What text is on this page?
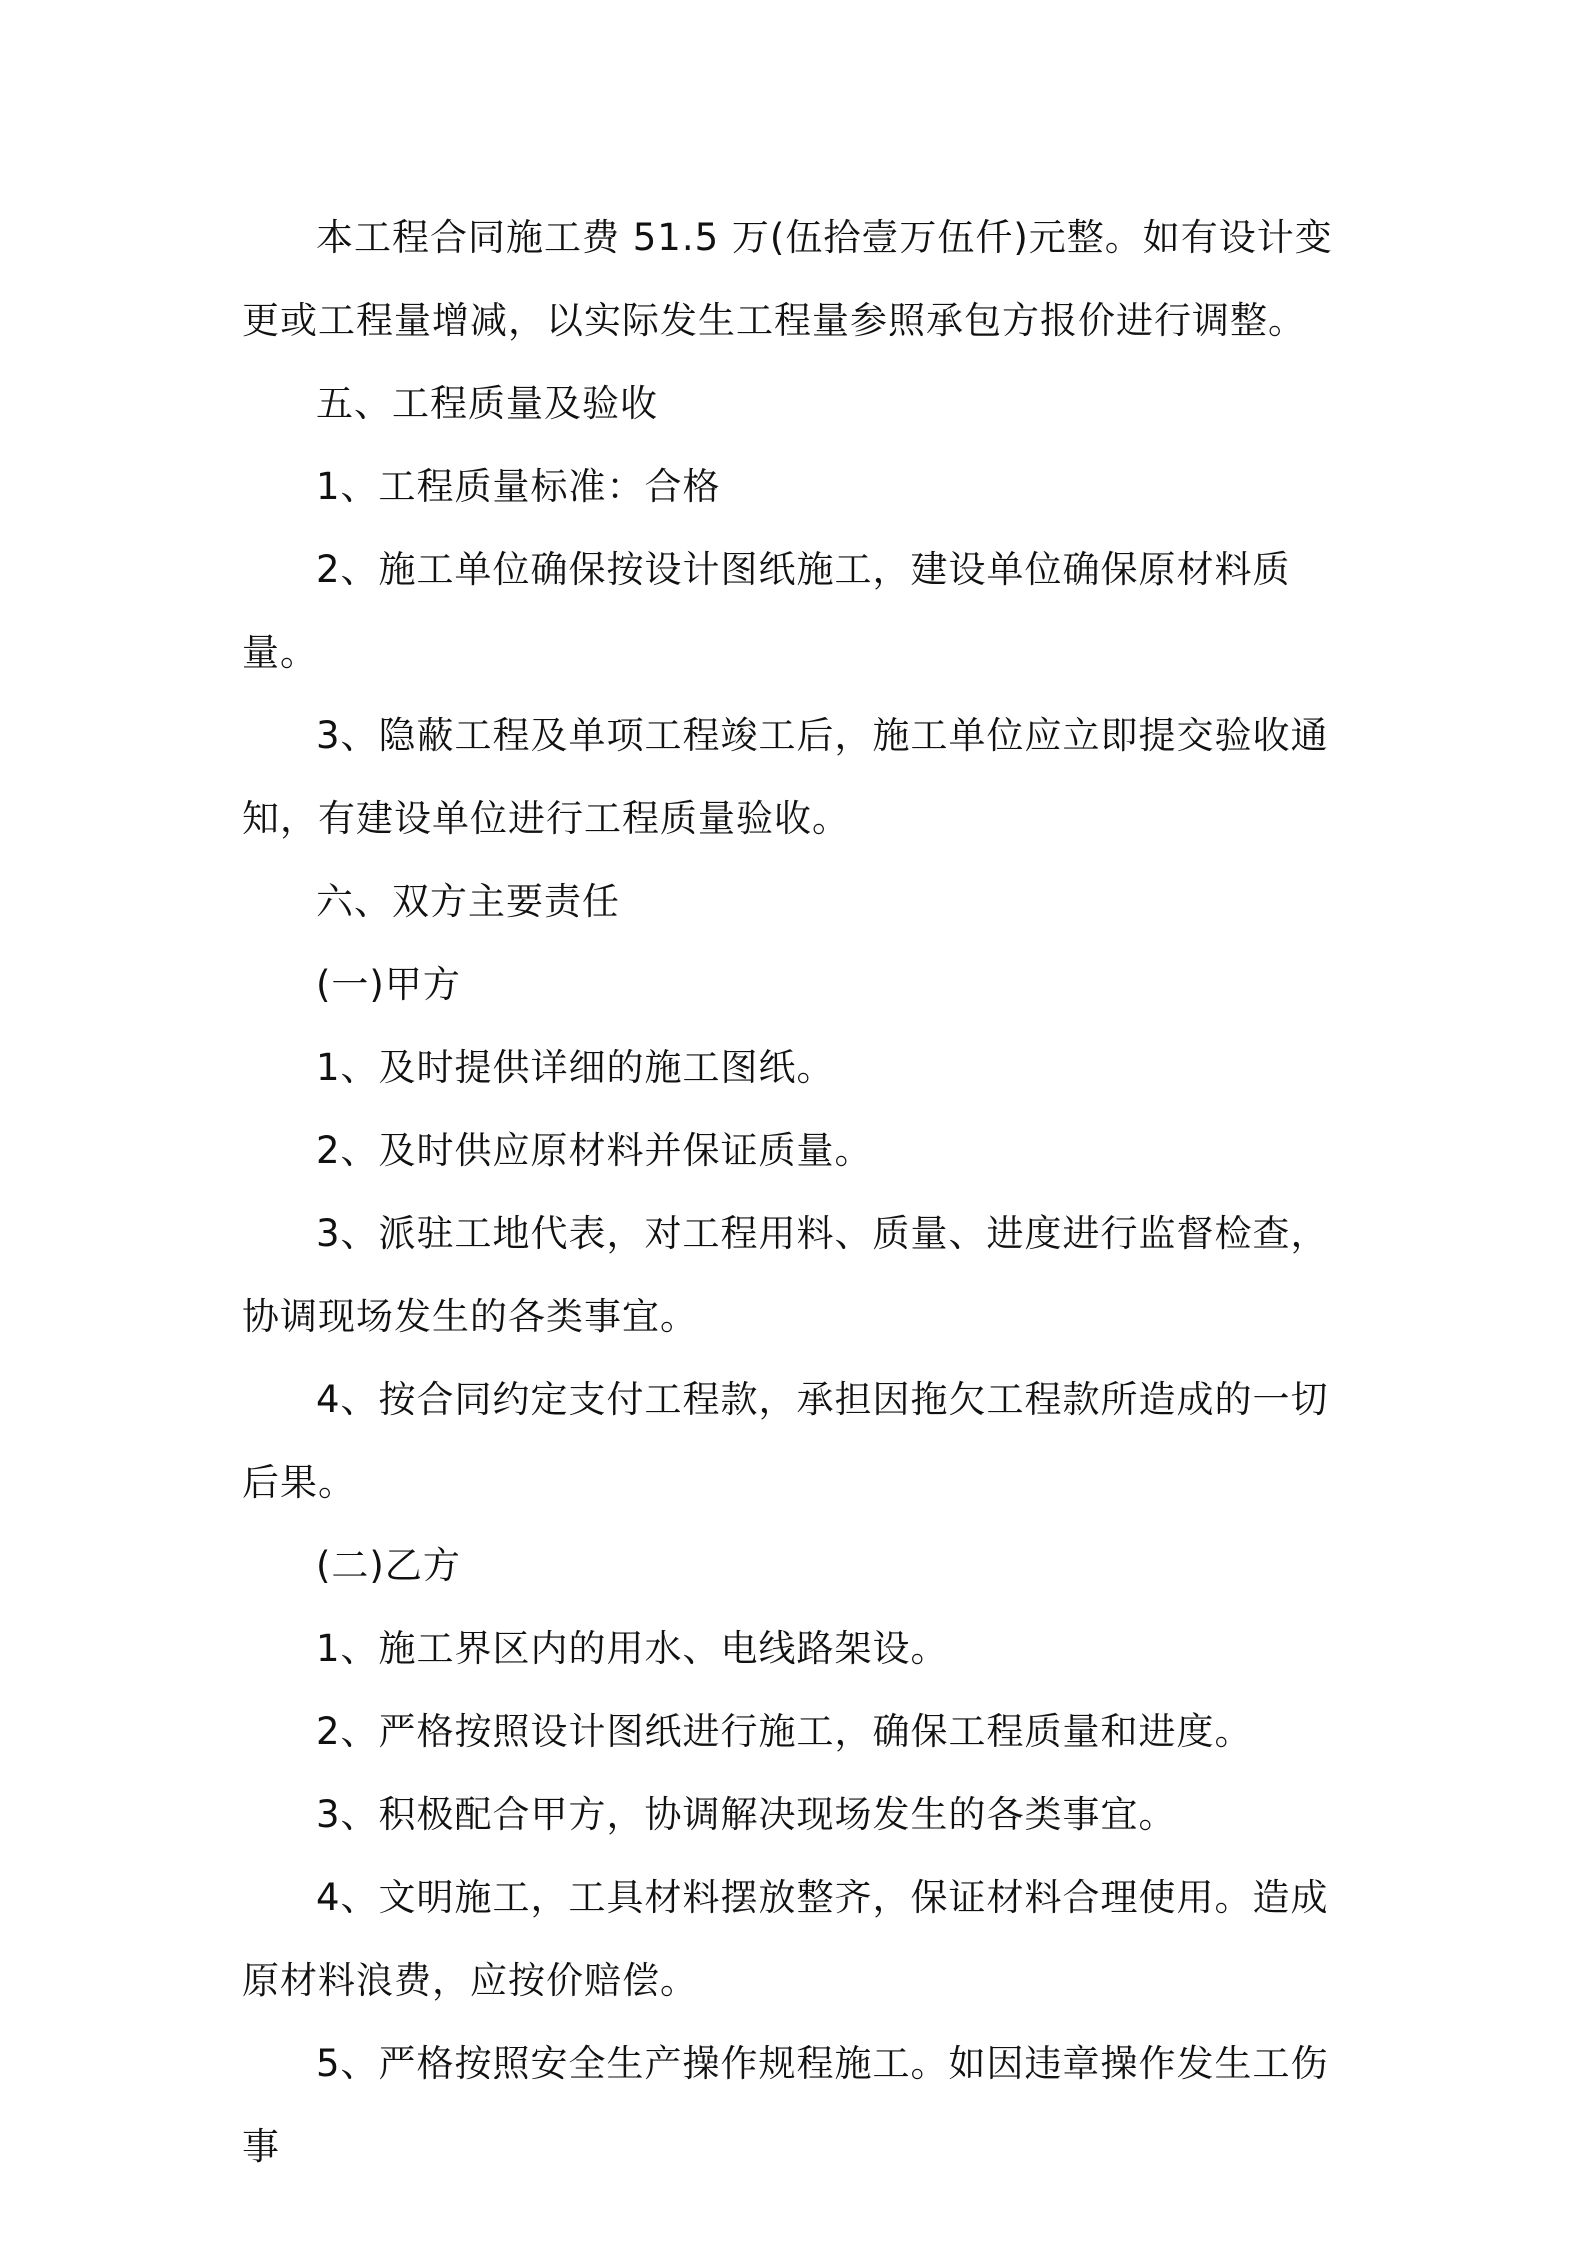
本工程合同施工费 51.5 万(伍拾壹万伍仟)元整。如有设计变更或工程量增减，以实际发生工程量参照承包方报价进行调整。

五、工程质量及验收

1、工程质量标准：合格

2、施工单位确保按设计图纸施工，建设单位确保原材料质量。

3、隐蔽工程及单项工程竣工后，施工单位应立即提交验收通知，有建设单位进行工程质量验收。

六、双方主要责任

(一)甲方

1、及时提供详细的施工图纸。

2、及时供应原材料并保证质量。

3、派驻工地代表，对工程用料、质量、进度进行监督检查，协调现场发生的各类事宜。

4、按合同约定支付工程款，承担因拖欠工程款所造成的一切后果。

(二)乙方

1、施工界区内的用水、电线路架设。

2、严格按照设计图纸进行施工，确保工程质量和进度。

3、积极配合甲方，协调解决现场发生的各类事宜。

4、文明施工，工具材料摆放整齐，保证材料合理使用。造成原材料浪费，应按价赔偿。

5、严格按照安全生产操作规程施工。如因违章操作发生工伤事
